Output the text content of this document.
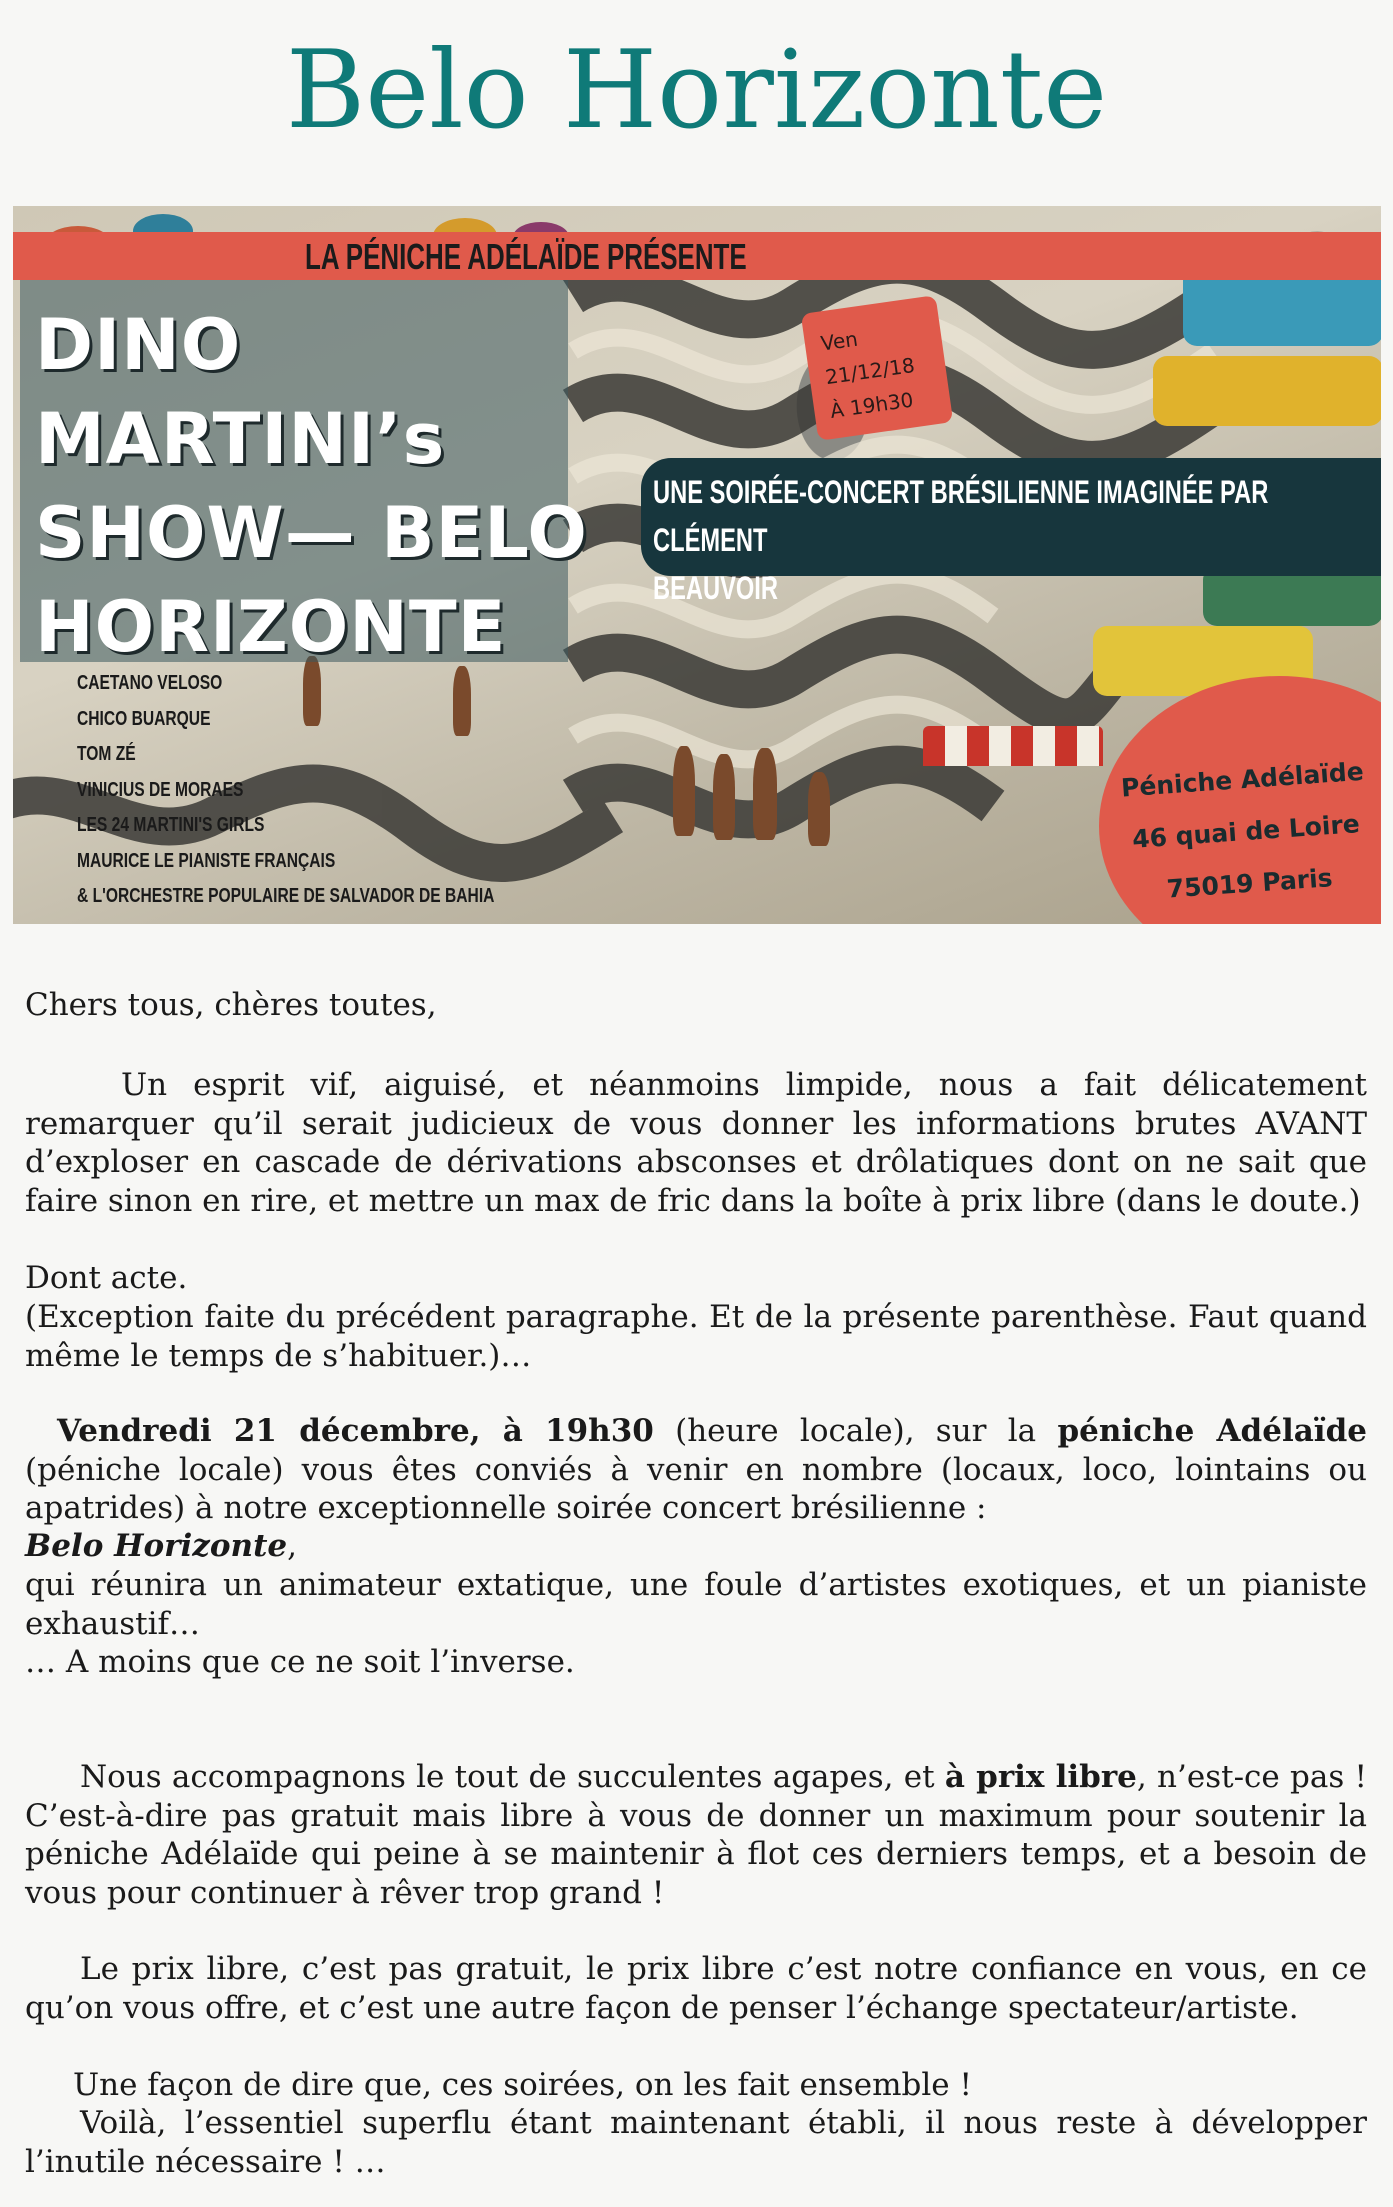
Belo Horizonte
LA PÉNICHE ADÉLAÏDE PRÉSENTE
DINO
MARTINI’s
SHOW— BELO
HORIZONTE
CAETANO VELOSO
CHICO BUARQUE
TOM ZÉ
VINICIUS DE MORAES
LES 24 MARTINI'S GIRLS
MAURICE LE PIANISTE FRANÇAIS
& L'ORCHESTRE POPULAIRE DE SALVADOR DE BAHIA
Ven
21/12/18
À 19h30
UNE SOIRÉE-CONCERT BRÉSILIENNE IMAGINÉE PAR CLÉMENT
BEAUVOIR
Péniche Adélaïde
46 quai de Loire
75019 Paris
Chers tous, chères toutes,
Un esprit vif, aiguisé, et néanmoins limpide, nous a fait délicatement remarquer qu’il serait judicieux de vous donner les informations brutes AVANT d’exploser en cascade de dérivations absconses et drôlatiques dont on ne sait que faire sinon en rire, et mettre un max de fric dans la boîte à prix libre (dans le doute.)
Dont acte.
(Exception faite du précédent paragraphe. Et de la présente parenthèse. Faut quand même le temps de s’habituer.)…
Vendredi 21 décembre, à 19h30 (heure locale), sur la péniche Adélaïde (péniche locale) vous êtes conviés à venir en nombre (locaux, loco, lointains ou apatrides) à notre exceptionnelle soirée concert brésilienne :
Belo Horizonte,
qui réunira un animateur extatique, une foule d’artistes exotiques, et un pianiste exhaustif…
… A moins que ce ne soit l’inverse.
Nous accompagnons le tout de succulentes agapes, et à prix libre, n’est-ce pas ! C’est-à-dire pas gratuit mais libre à vous de donner un maximum pour soutenir la péniche Adélaïde qui peine à se maintenir à flot ces derniers temps, et a besoin de vous pour continuer à rêver trop grand !
Le prix libre, c’est pas gratuit, le prix libre c’est notre confiance en vous, en ce qu’on vous offre, et c’est une autre façon de penser l’échange spectateur/artiste.
Une façon de dire que, ces soirées, on les fait ensemble !
Voilà, l’essentiel superflu étant maintenant établi, il nous reste à développer l’inutile nécessaire ! …
